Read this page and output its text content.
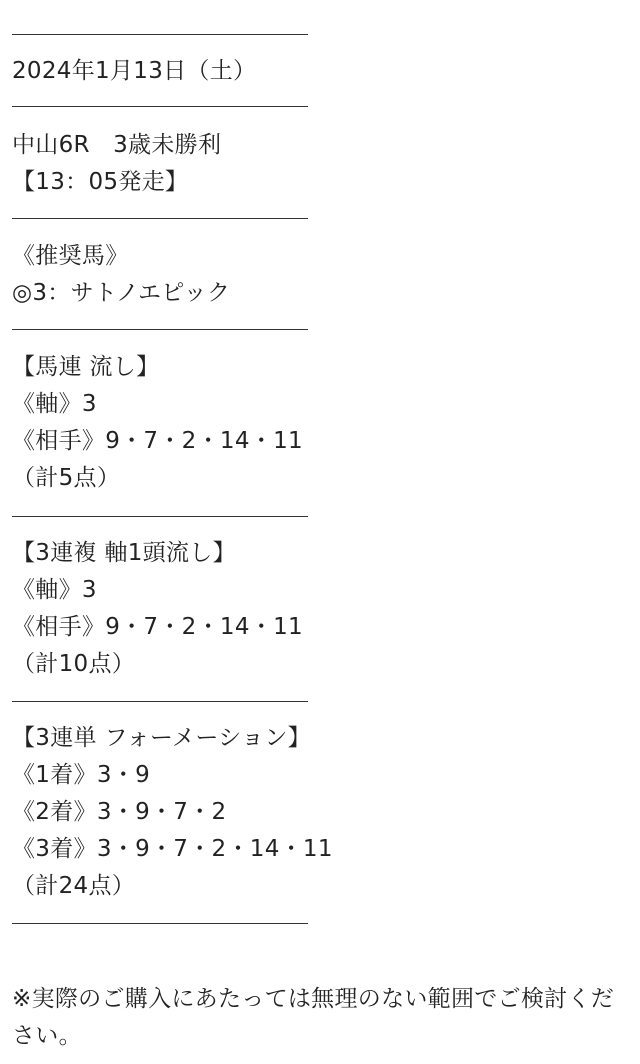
2024年1月13日（土）
中山6R　3歳未勝利
【13：05発走】
《推奨馬》
◎3：サトノエピック
【馬連 流し】
《軸》3
《相手》9・7・2・14・11
（計5点）
【3連複 軸1頭流し】
《軸》3
《相手》9・7・2・14・11
（計10点）
【3連単 フォーメーション】
《1着》3・9
《2着》3・9・7・2
《3着》3・9・7・2・14・11
（計24点）
※実際のご購入にあたっては無理のない範囲でご検討ください。
